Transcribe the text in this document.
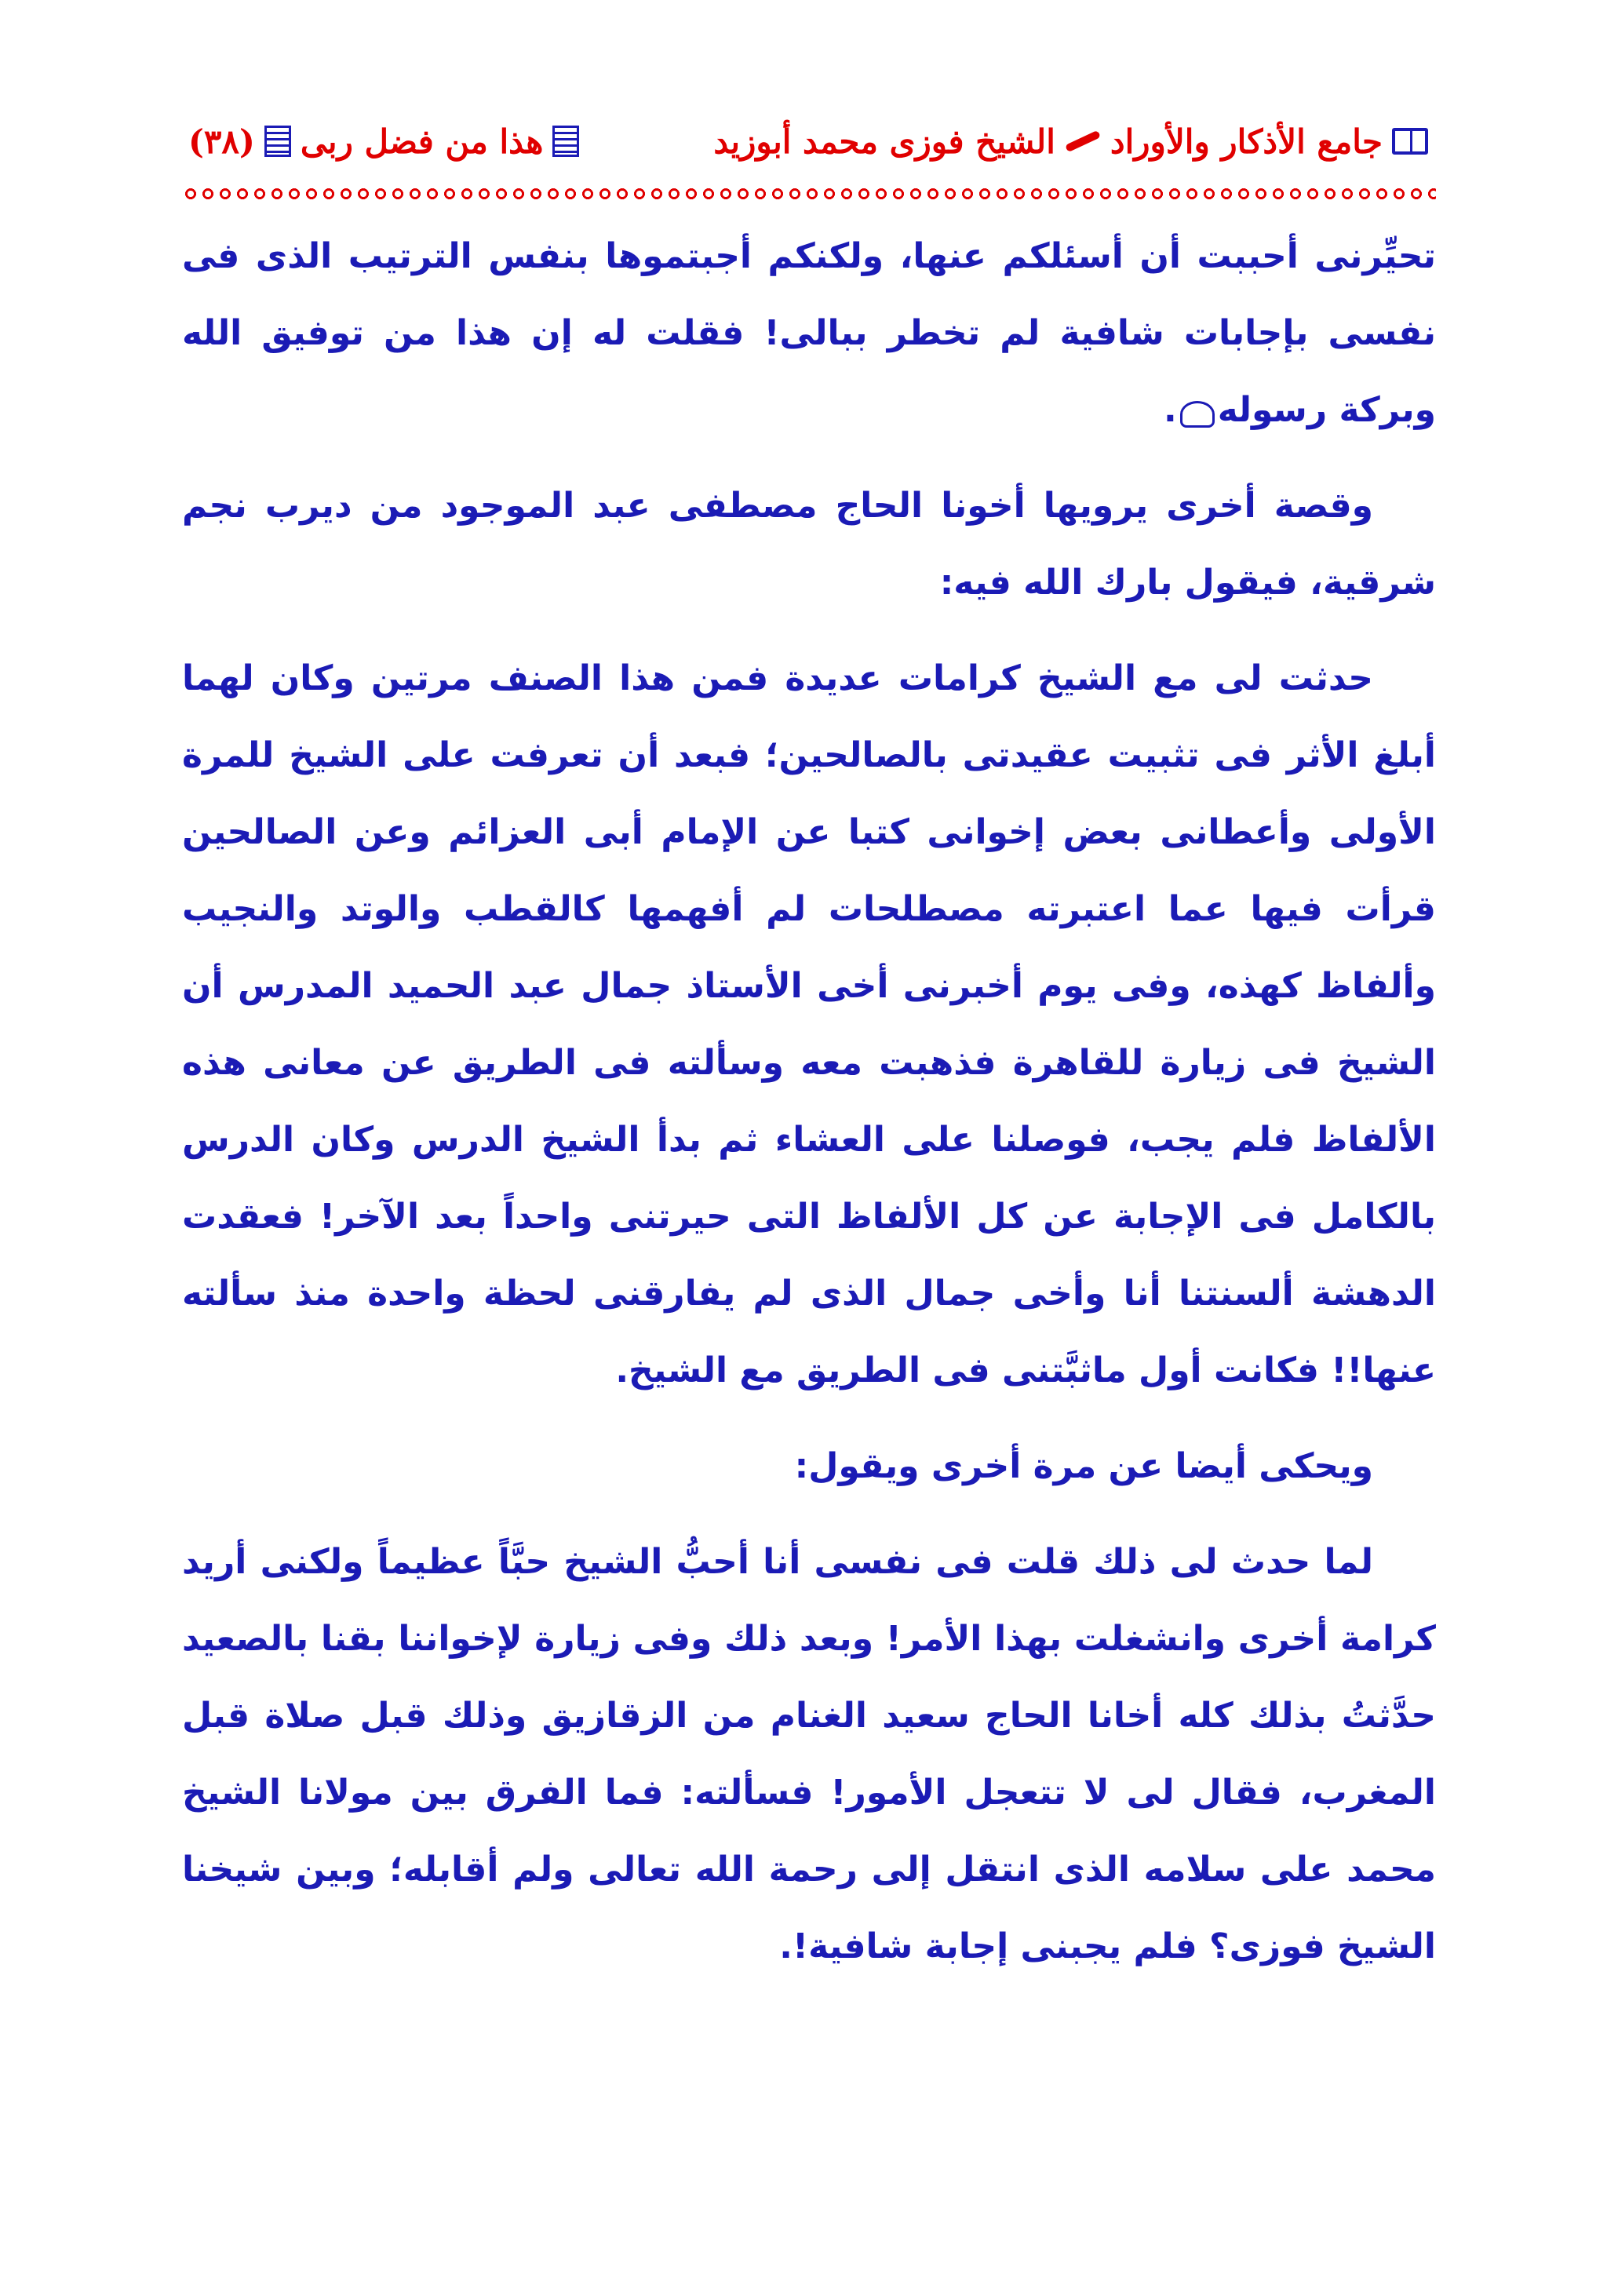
جامع الأذكار والأوراد
الشيخ فوزى محمد أبوزيد
هذا من فضل ربى
(٣٨)

تحيِّرنى أحببت أن أسئلكم عنها، ولكنكم أجبتموها بنفس الترتيب الذى فى نفسى بإجابات شافية لم تخطر ببالى! فقلت له إن هذا من توفيق الله وبركة رسوله.

وقصة أخرى يرويها أخونا الحاج مصطفى عبد الموجود من ديرب نجم شرقية، فيقول بارك الله فيه:

حدثت لى مع الشيخ كرامات عديدة فمن هذا الصنف مرتين وكان لهما أبلغ الأثر فى تثبيت عقيدتى بالصالحين؛ فبعد أن تعرفت على الشيخ للمرة الأولى وأعطانى بعض إخوانى كتبا عن الإمام أبى العزائم وعن الصالحين قرأت فيها عما اعتبرته مصطلحات لم أفهمها كالقطب والوتد والنجيب وألفاظ كهذه، وفى يوم أخبرنى أخى الأستاذ جمال عبد الحميد المدرس أن الشيخ فى زيارة للقاهرة فذهبت معه وسألته فى الطريق عن معانى هذه الألفاظ فلم يجب، فوصلنا على العشاء ثم بدأ الشيخ الدرس وكان الدرس بالكامل فى الإجابة عن كل الألفاظ التى حيرتنى واحداً بعد الآخر! فعقدت الدهشة ألسنتنا أنا وأخى جمال الذى لم يفارقنى لحظة واحدة منذ سألته عنها!! فكانت أول ماثبَّتنى فى الطريق مع الشيخ.

ويحكى أيضا عن مرة أخرى ويقول:

لما حدث لى ذلك قلت فى نفسى أنا أحبُّ الشيخ حبَّاً عظيماً ولكنى أريد كرامة أخرى وانشغلت بهذا الأمر! وبعد ذلك وفى زيارة لإخواننا بقنا بالصعيد حدَّثتُ بذلك كله أخانا الحاج سعيد الغنام من الزقازيق وذلك قبل صلاة قبل المغرب، فقال لى لا تتعجل الأمور! فسألته: فما الفرق بين مولانا الشيخ محمد على سلامه الذى انتقل إلى رحمة الله تعالى ولم أقابله؛ وبين شيخنا الشيخ فوزى؟ فلم يجبنى إجابة شافية!.
